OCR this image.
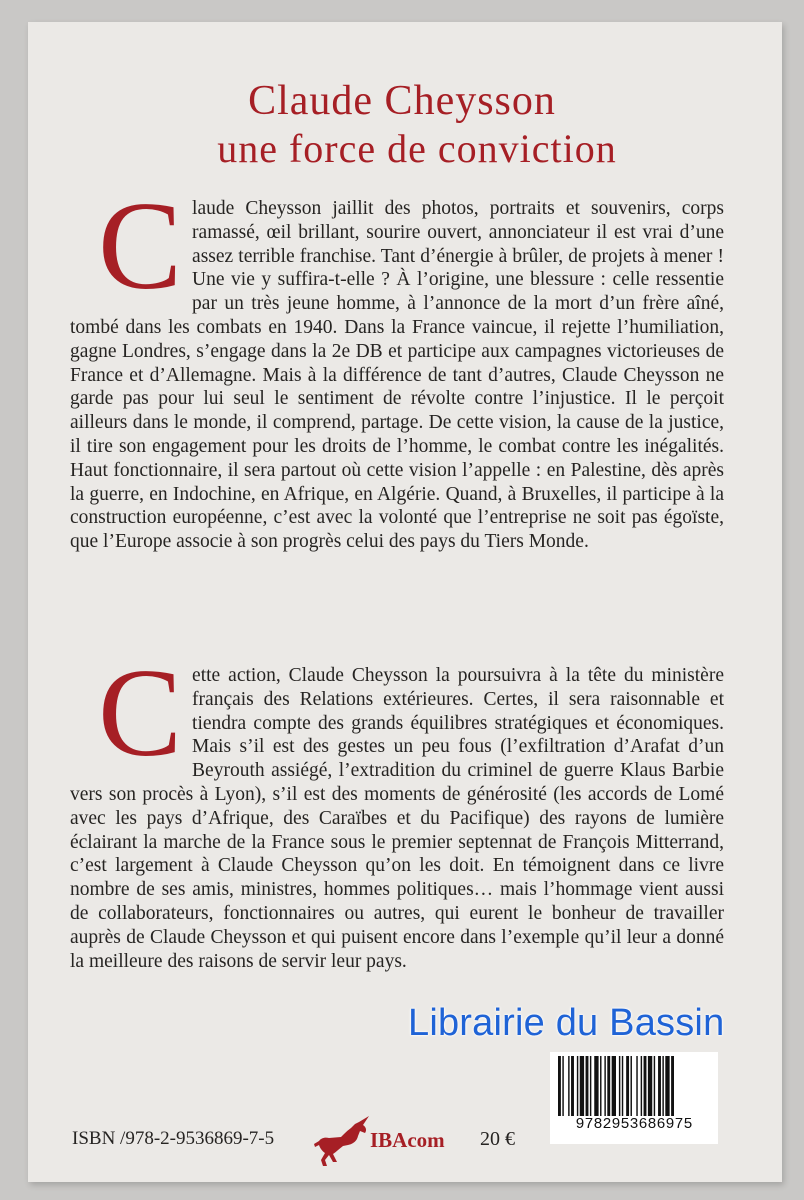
Claude Cheysson
une force de conviction

Claude Cheysson jaillit des photos, portraits et souvenirs, corps ramassé, œil brillant, sourire ouvert, annonciateur il est vrai d’une assez terrible franchise. Tant d’énergie à brûler, de projets à mener ! Une vie y suffira-t-elle ? À l’origine, une blessure : celle ressentie par un très jeune homme, à l’annonce de la mort d’un frère aîné, tombé dans les combats en 1940. Dans la France vaincue, il rejette l’humiliation, gagne Londres, s’engage dans la 2e DB et participe aux campagnes victorieuses de France et d’Allemagne. Mais à la différence de tant d’autres, Claude Cheysson ne garde pas pour lui seul le sentiment de révolte contre l’injustice. Il le perçoit ailleurs dans le monde, il comprend, partage. De cette vision, la cause de la justice, il tire son engagement pour les droits de l’homme, le combat contre les inégalités. Haut fonctionnaire, il sera partout où cette vision l’appelle : en Palestine, dès après la guerre, en Indochine, en Afrique, en Algérie. Quand, à Bruxelles, il participe à la construction européenne, c’est avec la volonté que l’entreprise ne soit pas égoïste, que l’Europe associe à son progrès celui des pays du Tiers Monde.

Cette action, Claude Cheysson la poursuivra à la tête du ministère français des Relations extérieures. Certes, il sera raisonnable et tiendra compte des grands équilibres stratégiques et économiques. Mais s’il est des gestes un peu fous (l’exfiltration d’Arafat d’un Beyrouth assiégé, l’extradition du criminel de guerre Klaus Barbie vers son procès à Lyon), s’il est des moments de générosité (les accords de Lomé avec les pays d’Afrique, des Caraïbes et du Pacifique) des rayons de lumière éclairant la marche de la France sous le premier septennat de François Mitterrand, c’est largement à Claude Cheysson qu’on les doit. En témoignent dans ce livre nombre de ses amis, ministres, hommes politiques… mais l’hommage vient aussi de collaborateurs, fonctionnaires ou autres, qui eurent le bonheur de travailler auprès de Claude Cheysson et qui puisent encore dans l’exemple qu’il leur a donné la meilleure des raisons de servir leur pays.

Librairie du Bassin
ISBN /978-2-9536869-7-5	IBAcom 20 €
9782953686975
